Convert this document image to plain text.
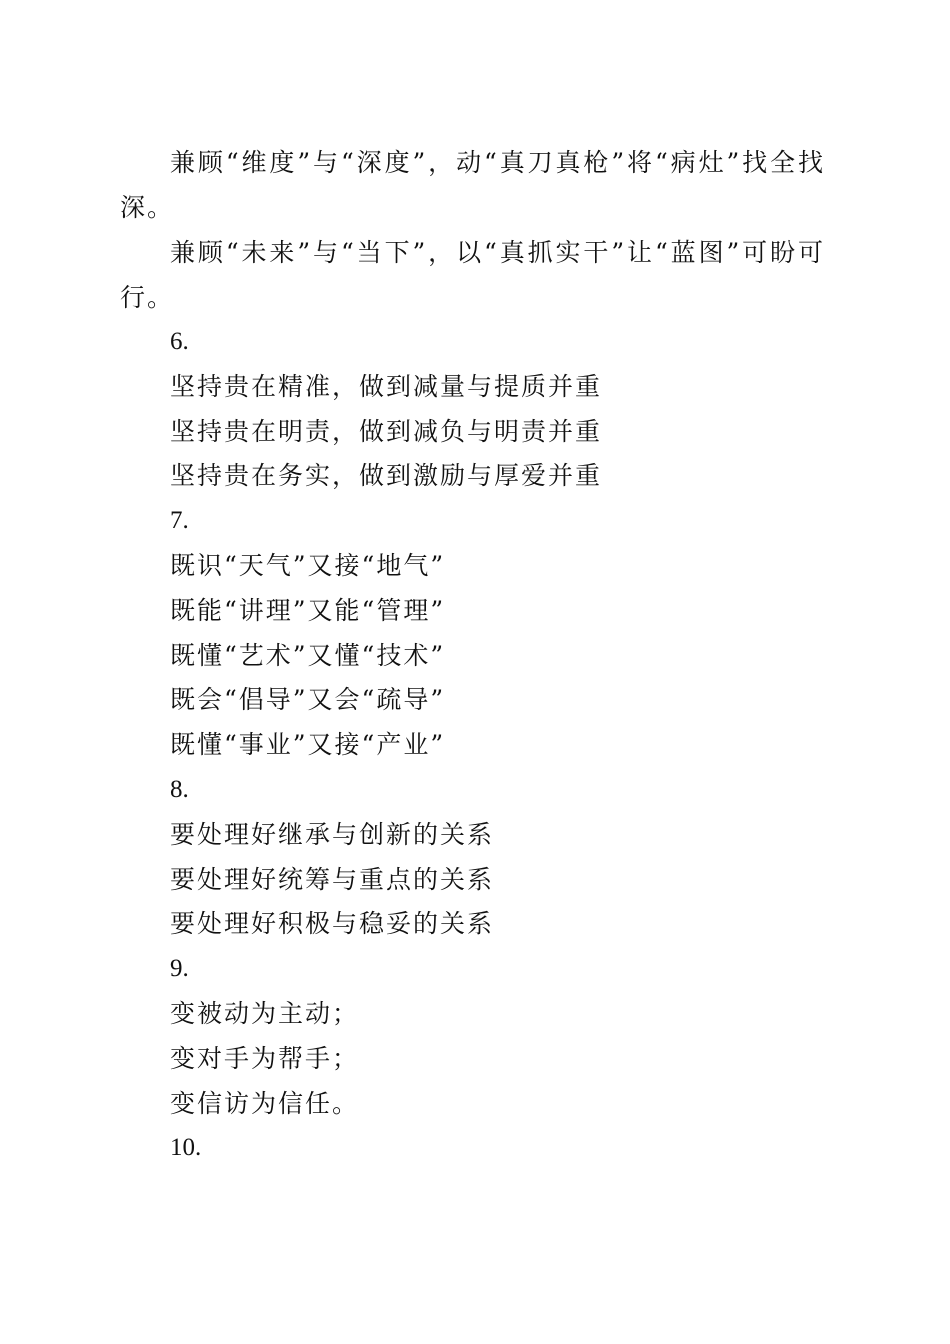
兼顾“维度”与“深度”，动“真刀真枪”将“病灶”找全找深。

兼顾“未来”与“当下”，以“真抓实干”让“蓝图”可盼可行。

6.

坚持贵在精准，做到减量与提质并重

坚持贵在明责，做到减负与明责并重

坚持贵在务实，做到激励与厚爱并重

7.

既识“天气”又接“地气”

既能“讲理”又能“管理”

既懂“艺术”又懂“技术”

既会“倡导”又会“疏导”

既懂“事业”又接“产业”

8.

要处理好继承与创新的关系

要处理好统筹与重点的关系

要处理好积极与稳妥的关系

9.

变被动为主动；

变对手为帮手；

变信访为信任。

10.
